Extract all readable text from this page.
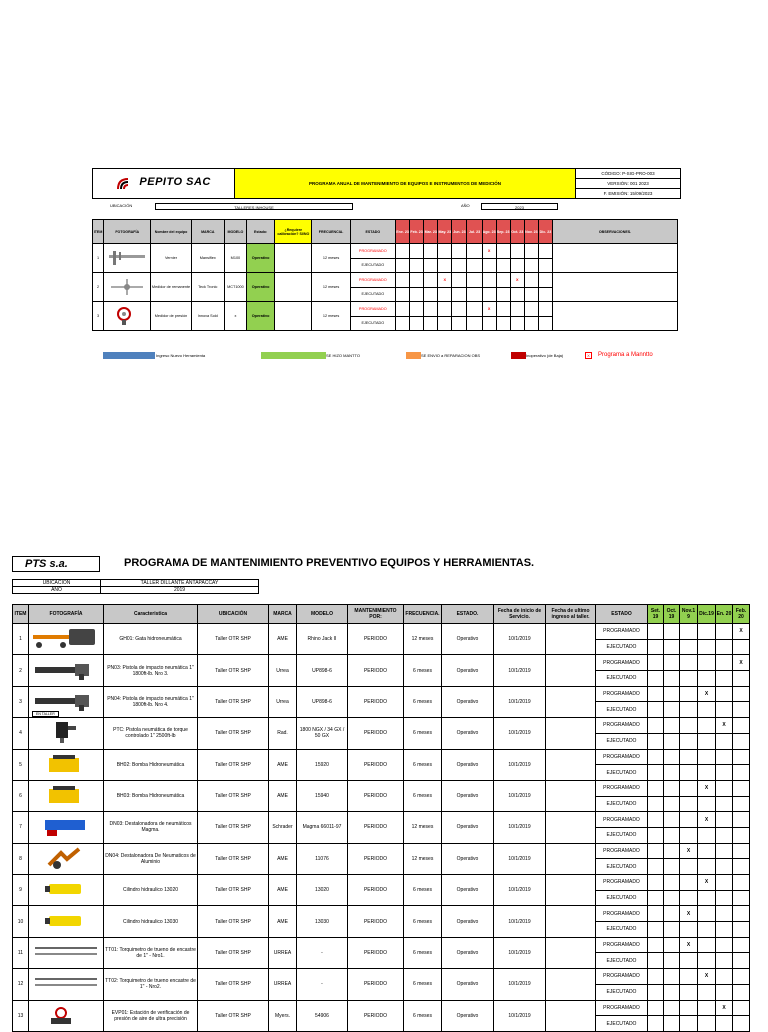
PEPITO SAC	PROGRAMA ANUAL DE MANTENIMIENTO DE EQUIPOS E INSTRUMENTOS DE MEDICIÓN	CÓDIGO: P-SIG-PRO-003
VERSIÓN: 001 2023
F. EMISIÓN: 15/09/2023
UBICACIÓN	TALLERES INHOUSE	AÑO	2023
ITEM	FOTOGRAFÍA	Nombre del equipo	MARCA	MODELO	Estado:	¿Requiere calibración? SI/NO	FRECUENCIA.	ESTADO	Ene. 23	Feb. 23	Mar. 23	May. 23	Jun. 23	Jul. 23	Ago. 23	Sep. 23	Oct. 23	Nov. 23	Dic. 23	OBSERVACIONES.
1		Vernier	Mansiflex	M100	Operativo		12 meses	PROGRAMADO							X					
								EJECUTADO												
2		Medidor de remanente	Teck Tronic	MCT1000	Operativo		12 meses	PROGRAMADO				X					X			
								EJECUTADO												
3		Medidor de presión	Innova Sold	x	Operativo		12 meses	PROGRAMADO							X					
								EJECUTADO												
Ingreso Nuevo Herramienta	SE HIZO MANTTO	SE ENVIO a REPARACION OBS	Inoperativo (de Baja)	X	Programa a Manntto
PTS s.a.	PROGRAMA DE MANTENIMIENTO PREVENTIVO EQUIPOS Y HERRAMIENTAS.
UBICACIÓN	TALLER DILLANTE ANTAPACCAY
AÑO	2019
ITEM	FOTOGRAFÍA	Caracteristica	UBICACIÓN	MARCA	MODELO	MANTENIMIENTO POR:	FRECUENCIA.	ESTADO.	Fecha de inicio de Servicio.	Fecha de ultimo ingreso al taller.	ESTADO	Set. 19	Oct. 19	Nov.1 9	Dic.19	En. 20	Feb. 20
1		GH01: Gata hidroneumática	Taller OTR SHP	AME	Rhino Jack II	PERIODO	12 meses	Operativo	10/1/2019		PROGRAMADO						X
											EJECUTADO						
2		PN03: Pistola de impacto neumática 1" 1800ft-lb. Nro 3.	Taller OTR SHP	Urrea	UP898-6	PERIODO	6 meses	Operativo	10/1/2019		PROGRAMADO						X
											EJECUTADO						
3	EN TALLER	PN04: Pistola de impacto neumática 1" 1800ft-lb. Nro 4.	Taller OTR SHP	Urrea	UP898-6	PERIODO	6 meses	Operativo	10/1/2019		PROGRAMADO				X		
											EJECUTADO						
4		PTC: Pistola neumática de torque controlado 1" 2500ft-lb	Taller OTR SHP	Rad.	1800 NGX / 34 GX / 50 GX	PERIODO	6 meses	Operativo	10/1/2019		PROGRAMADO					X	
											EJECUTADO						
5		BH02: Bomba Hidroneumática	Taller OTR SHP	AME	15920	PERIODO	6 meses	Operativo	10/1/2019		PROGRAMADO						
											EJECUTADO						
6		BH03: Bomba Hidroneumática	Taller OTR SHP	AME	15940	PERIODO	6 meses	Operativo	10/1/2019		PROGRAMADO				X		
											EJECUTADO						
7		DN03: Destalonadora de neumáticos Magma.	Taller OTR SHP	Schrader	Magma 66011-97	PERIODO	12 meses	Operativo	10/1/2019		PROGRAMADO				X		
											EJECUTADO						
8		DN04: Destalonadora De Neumaticos de Aluminio	Taller OTR SHP	AME	11076	PERIODO	12 meses	Operativo	10/1/2019		PROGRAMADO			X			
											EJECUTADO						
9		Cilindro hidraulico 13020	Taller OTR SHP	AME	13020	PERIODO	6 meses	Operativo	10/1/2019		PROGRAMADO				X		
											EJECUTADO						
10		Cilindro hidraulico 13030	Taller OTR SHP	AME	13030	PERIODO	6 meses	Operativo	10/1/2019		PROGRAMADO			X			
											EJECUTADO						
11		TT01: Torquimetro de trueno de encastre de 1" - Nro1.	Taller OTR SHP	URREA	-	PERIODO	6 meses	Operativo	10/1/2019		PROGRAMADO			X			
											EJECUTADO						
12		TT02: Torquimetro de trueno encastre de 1" - Nro2.	Taller OTR SHP	URREA	-	PERIODO	6 meses	Operativo	10/1/2019		PROGRAMADO				X		
											EJECUTADO						
13		EVP01: Estación de verificación de presión de aire de ultra precisión	Taller OTR SHP	Myers.	54906	PERIODO	6 meses	Operativo	10/1/2019		PROGRAMADO					X	
											EJECUTADO						
